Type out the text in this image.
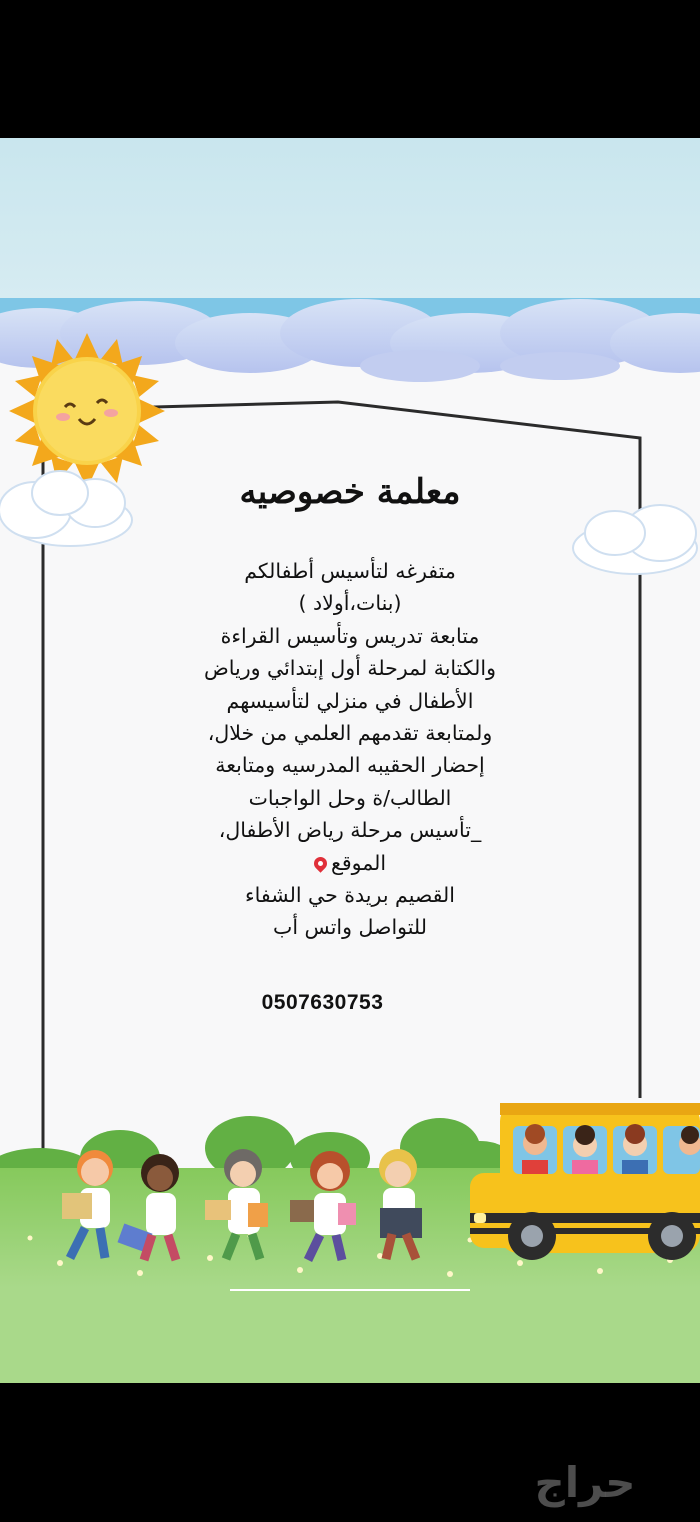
معلمة خصوصيه
متفرغه لتأسيس أطفالكم
(بنات،أولاد )
متابعة تدريس وتأسيس القراءة
والكتابة لمرحلة أول إبتدائي ورياض
الأطفال في منزلي لتأسيسهم
ولمتابعة تقدمهم العلمي من خلال،
إحضار الحقيبه المدرسيه ومتابعة
الطالب/ة وحل الواجبات
_تأسيس مرحلة رياض الأطفال،
الموقع
القصيم بريدة حي الشفاء
للتواصل واتس أب
0507630753
حراج
